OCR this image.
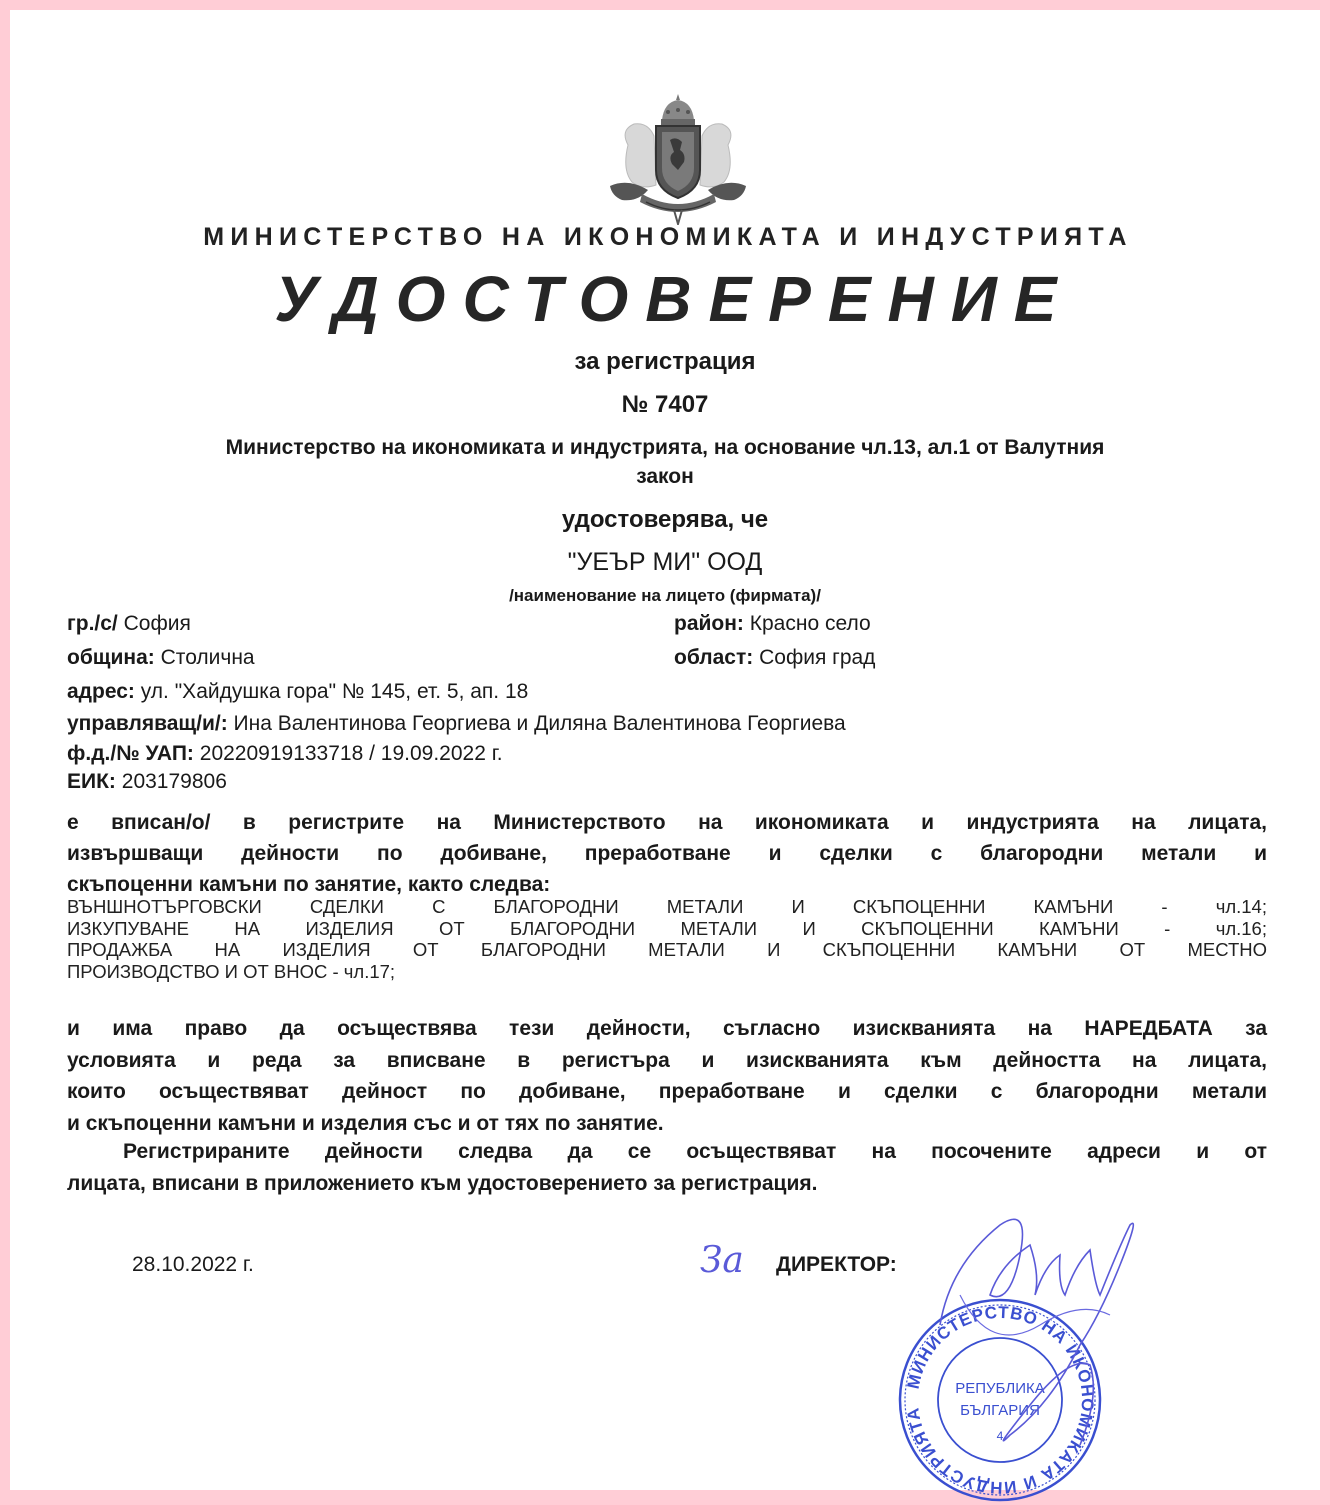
МИНИСТЕРСТВО НА ИКОНОМИКАТА И ИНДУСТРИЯТА
УДОСТОВЕРЕНИЕ
за регистрация
№ 7407
Министерство на икономиката и индустрията, на основание чл.13, ал.1 от Валутния
закон
удостоверява, че
"УЕЪР МИ" ООД
/наименование на лицето (фирмата)/
гр./с/ София	район: Красно село
община: Столична	област: София град
адрес: ул. "Хайдушка гора" № 145, ет. 5, ап. 18
управляващ/и/: Ина Валентинова Георгиева и Диляна Валентинова Георгиева
ф.д./№ УАП: 20220919133718 / 19.09.2022 г.
ЕИК: 203179806
е вписан/о/ в регистрите на Министерството на икономиката и индустрията на лицата,
извършващи дейности по добиване, преработване и сделки с благородни метали и
скъпоценни камъни по занятие, както следва:
ВЪНШНОТЪРГОВСКИ СДЕЛКИ С БЛАГОРОДНИ МЕТАЛИ И СКЪПОЦЕННИ КАМЪНИ - чл.14;
ИЗКУПУВАНЕ НА ИЗДЕЛИЯ ОТ БЛАГОРОДНИ МЕТАЛИ И СКЪПОЦЕННИ КАМЪНИ - чл.16;
ПРОДАЖБА НА ИЗДЕЛИЯ ОТ БЛАГОРОДНИ МЕТАЛИ И СКЪПОЦЕННИ КАМЪНИ ОТ МЕСТНО
ПРОИЗВОДСТВО И ОТ ВНОС - чл.17;
и има право да осъществява тези дейности, съгласно изискванията на НАРЕДБАТА за
условията и реда за вписване в регистъра и изискванията към дейността на лицата,
които осъществяват дейност по добиване, преработване и сделки с благородни метали
и скъпоценни камъни и изделия със и от тях по занятие.
Регистрираните дейности следва да се осъществяват на посочените адреси и от
лицата, вписани в приложението към удостоверението за регистрация.
28.10.2022 г.	За ДИРЕКТОР:
МИНИСТЕРСТВО НА ИКОНОМИКАТА И ИНДУСТРИЯТА
РЕПУБЛИКА
БЪЛГАРИЯ
4
